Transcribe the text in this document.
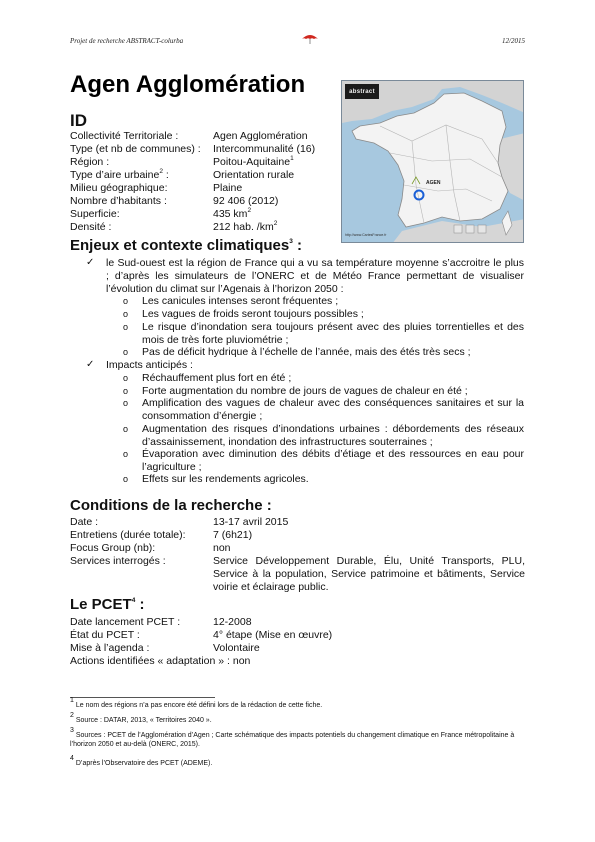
Projet de recherche ABSTRACT-colurba	12/2015
Agen Agglomération	abstract
AGEN
http://www.CartesFrance.fr
ID
Collectivité Territoriale :	Agen Agglomération
Type (et nb de communes) : Intercommunalité (16)
Région :	Poitou-Aquitaine$^1$
Type d’aire urbaine$^2$ :	Orientation rurale
Milieu géographique:	Plaine
Nombre d’habitants :	92 406 (2012)
Superficie:	435 $km^2$
Densité :	212 hab. $/km^2$
Enjeux et contexte climatiques$^3$ :
✓ le Sud-ouest est la région de France qui a vu sa température moyenne s’accroitre le plus ; d’après les simulateurs de l’ONERC et de Météo France permettant de visualiser l’évolution du climat sur l’Agenais à l’horizon 2050 :
o Les canicules intenses seront fréquentes ;
o Les vagues de froids seront toujours possibles ;
o Le risque d’inondation sera toujours présent avec des pluies torrentielles et des mois de très forte pluviométrie ;
o Pas de déficit hydrique à l’échelle de l’année, mais des étés très secs ;
✓ Impacts anticipés :
o Réchauffement plus fort en été ;
o Forte augmentation du nombre de jours de vagues de chaleur en été ;
o Amplification des vagues de chaleur avec des conséquences sanitaires et sur la consommation d’énergie ;
o Augmentation des risques d’inondations urbaines : débordements des réseaux d’assainissement, inondation des infrastructures souterraines ;
o Évaporation avec diminution des débits d’étiage et des ressources en eau pour l’agriculture ;
o Effets sur les rendements agricoles.
Conditions de la recherche :
Date :	13-17 avril 2015
Entretiens (durée totale):	7 (6h21)
Focus Group (nb):	non
Services interrogés :	Service Développement Durable, Élu, Unité Transports, PLU, Service à la population, Service patrimoine et bâtiments, Service voirie et éclairage public.
Le PCET$^4$ :
Date lancement PCET :	12-2008
État du PCET :	4° étape (Mise en œuvre)
Mise à l’agenda :	Volontaire
Actions identifiées « adaptation » : non
$^1$ Le nom des régions n’a pas encore été défini lors de la rédaction de cette fiche.
$^2$ Source : DATAR, 2013, « Territoires 2040 ».
$^3$ Sources : PCET de l’Agglomération d’Agen ; Carte schématique des impacts potentiels du changement climatique en France métropolitaine à l’horizon 2050 et au-delà (ONERC, 2015).
$^4$ D’après l’Observatoire des PCET (ADEME).
